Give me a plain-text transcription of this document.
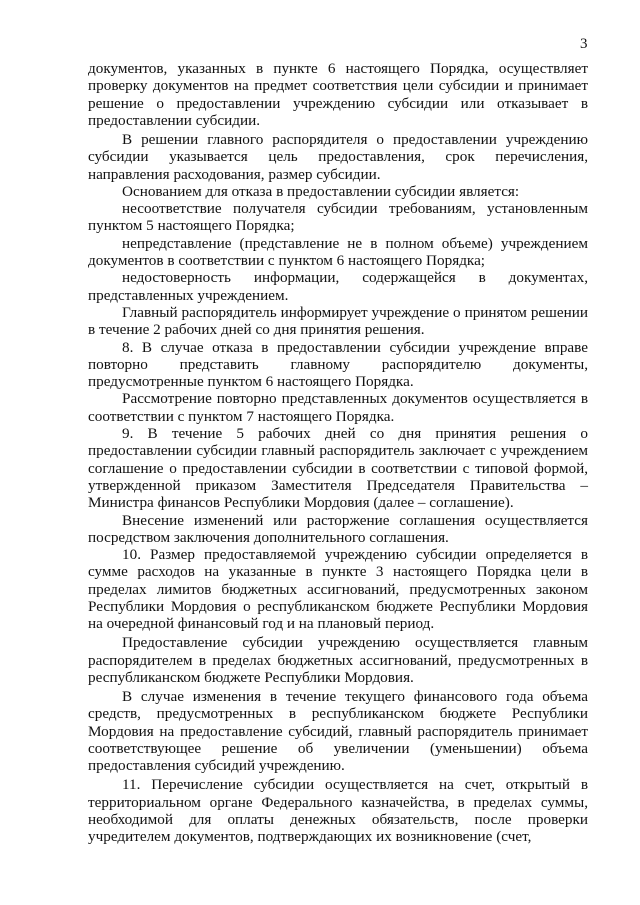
3

документов, указанных в пункте 6 настоящего Порядка, осуществляет проверку документов на предмет соответствия цели субсидии и принимает решение о предоставлении учреждению субсидии или отказывает в предоставлении субсидии.

В решении главного распорядителя о предоставлении учреждению субсидии указывается цель предоставления, срок перечисления, направления расходования, размер субсидии.

Основанием для отказа в предоставлении субсидии является:

несоответствие получателя субсидии требованиям, установленным пунктом 5 настоящего Порядка;

непредставление (представление не в полном объеме) учреждением документов в соответствии с пунктом 6 настоящего Порядка;

недостоверность информации, содержащейся в документах, представленных учреждением.

Главный распорядитель информирует учреждение о принятом решении в течение 2 рабочих дней со дня принятия решения.

8. В случае отказа в предоставлении субсидии учреждение вправе повторно представить главному распорядителю документы, предусмотренные пунктом 6 настоящего Порядка.

Рассмотрение повторно представленных документов осуществляется в соответствии с пунктом 7 настоящего Порядка.

9. В течение 5 рабочих дней со дня принятия решения о предоставлении субсидии главный распорядитель заключает с учреждением соглашение о предоставлении субсидии в соответствии с типовой формой, утвержденной приказом Заместителя Председателя Правительства – Министра финансов Республики Мордовия (далее – соглашение).

Внесение изменений или расторжение соглашения осуществляется посредством заключения дополнительного соглашения.

10. Размер предоставляемой учреждению субсидии определяется в сумме расходов на указанные в пункте 3 настоящего Порядка цели в пределах лимитов бюджетных ассигнований, предусмотренных законом Республики Мордовия о республиканском бюджете Республики Мордовия на очередной финансовый год и на плановый период.

Предоставление субсидии учреждению осуществляется главным распорядителем в пределах бюджетных ассигнований, предусмотренных в республиканском бюджете Республики Мордовия.

В случае изменения в течение текущего финансового года объема средств, предусмотренных в республиканском бюджете Республики Мордовия на предоставление субсидий, главный распорядитель принимает соответствующее решение об увеличении (уменьшении) объема предоставления субсидий учреждению.

11. Перечисление субсидии осуществляется на счет, открытый в территориальном органе Федерального казначейства, в пределах суммы, необходимой для оплаты денежных обязательств, после проверки учредителем документов, подтверждающих их возникновение (счет,
